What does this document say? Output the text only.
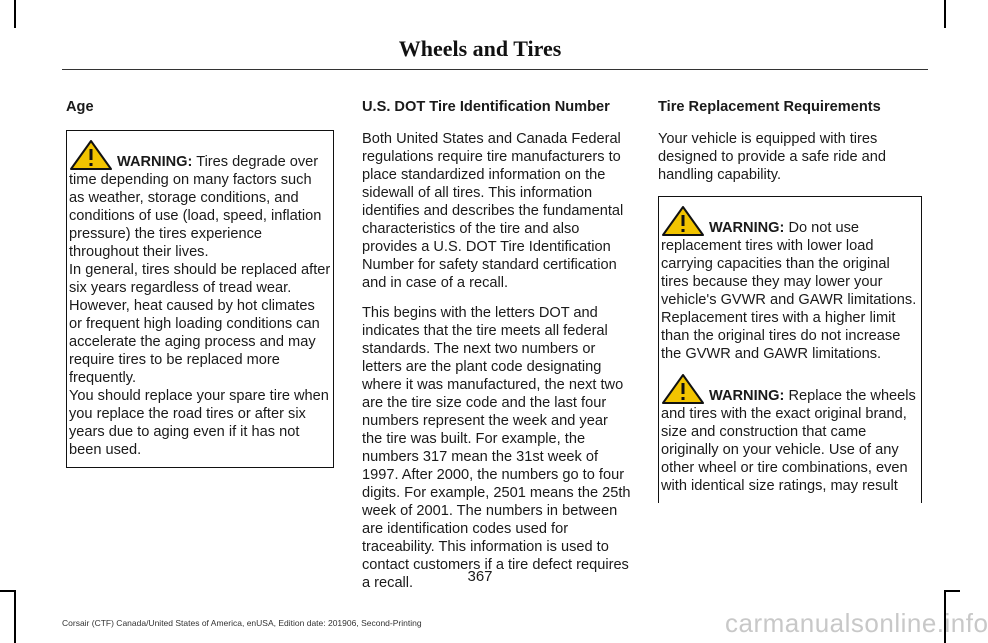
Wheels and Tires
Age

WARNING: Tires degrade over time depending on many factors such as weather, storage conditions, and conditions of use (load, speed, inflation pressure) the tires experience throughout their lives.

In general, tires should be replaced after six years regardless of tread wear. However, heat caused by hot climates or frequent high loading conditions can accelerate the aging process and may require tires to be replaced more frequently.

You should replace your spare tire when you replace the road tires or after six years due to aging even if it has not been used.

U.S. DOT Tire Identification Number

Both United States and Canada Federal regulations require tire manufacturers to place standardized information on the sidewall of all tires. This information identifies and describes the fundamental characteristics of the tire and also provides a U.S. DOT Tire Identification Number for safety standard certification and in case of a recall.

This begins with the letters DOT and indicates that the tire meets all federal standards. The next two numbers or letters are the plant code designating where it was manufactured, the next two are the tire size code and the last four numbers represent the week and year the tire was built. For example, the numbers 317 mean the 31st week of 1997. After 2000, the numbers go to four digits. For example, 2501 means the 25th week of 2001. The numbers in between are identification codes used for traceability. This information is used to contact customers if a tire defect requires a recall.

Tire Replacement Requirements

Your vehicle is equipped with tires designed to provide a safe ride and handling capability.

WARNING: Do not use replacement tires with lower load carrying capacities than the original tires because they may lower your vehicle's GVWR and GAWR limitations.

Replacement tires with a higher limit than the original tires do not increase the GVWR and GAWR limitations.

WARNING: Replace the wheels and tires with the exact original brand, size and construction that came originally on your vehicle. Use of any other wheel or tire combinations, even with identical size ratings, may result

367
Corsair (CTF) Canada/United States of America, enUSA, Edition date: 201906, Second-Printing	carmanualsonline.info
